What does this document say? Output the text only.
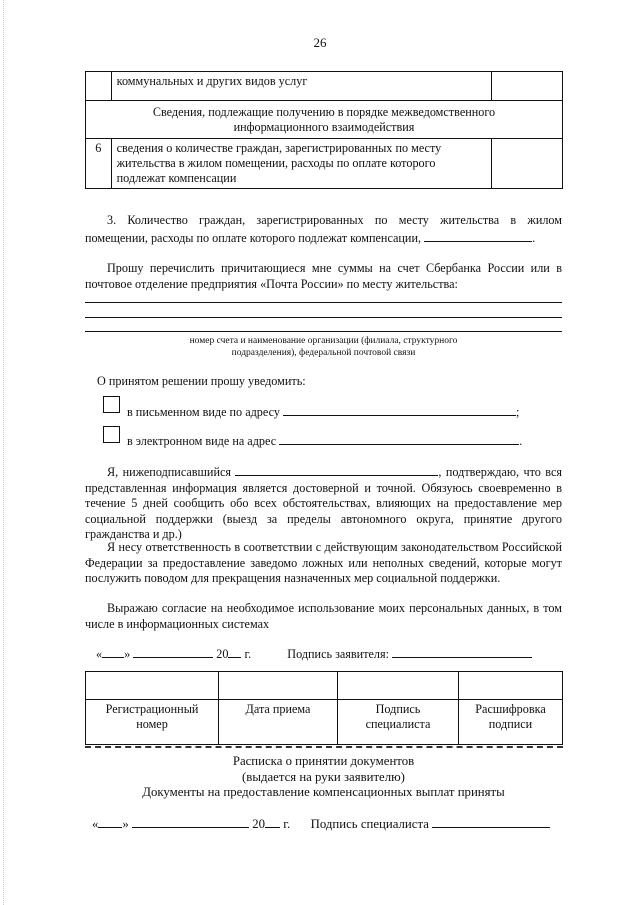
26
	коммунальных и других видов услуг	
Сведения, подлежащие получению в порядке межведомственного информационного взаимодействия		
6	сведения о количестве граждан, зарегистрированных по месту жительства в жилом помещении, расходы по оплате которого подлежат компенсации	
3. Количество граждан, зарегистрированных по месту жительства в жилом помещении, расходы по оплате которого подлежат компенсации,	.
Прошу перечислить причитающиеся мне суммы на счет Сбербанка России или в почтовое отделение предприятия «Почта России» по месту жительства:
номер счета и наименование организации (филиала, структурного
подразделения), федеральной почтовой связи
О принятом решении прошу уведомить:
в письменном виде по адресу	;
в электронном виде на адрес	.
Я, нижеподписавшийся	, подтверждаю, что вся представленная информация является достоверной и точной. Обязуюсь своевременно в течение 5 дней сообщить обо всех обстоятельствах, влияющих на предоставление мер социальной поддержки (выезд за пределы автономного округа, принятие другого гражданства и др.)
Я несу ответственность в соответствии с действующим законодательством Российской Федерации за предоставление заведомо ложных или неполных сведений, которые могут послужить поводом для прекращения назначенных мер социальной поддержки.
Выражаю согласие на необходимое использование моих персональных данных, в том числе в информационных системах
« »	20 г.	Подпись заявителя:

Регистрационный номер	Дата приема	Подпись специалиста	Расшифровка подписи
Расписка о принятии документов
(выдается на руки заявителю)
Документы на предоставление компенсационных выплат приняты
« »	20 г. Подпись специалиста
